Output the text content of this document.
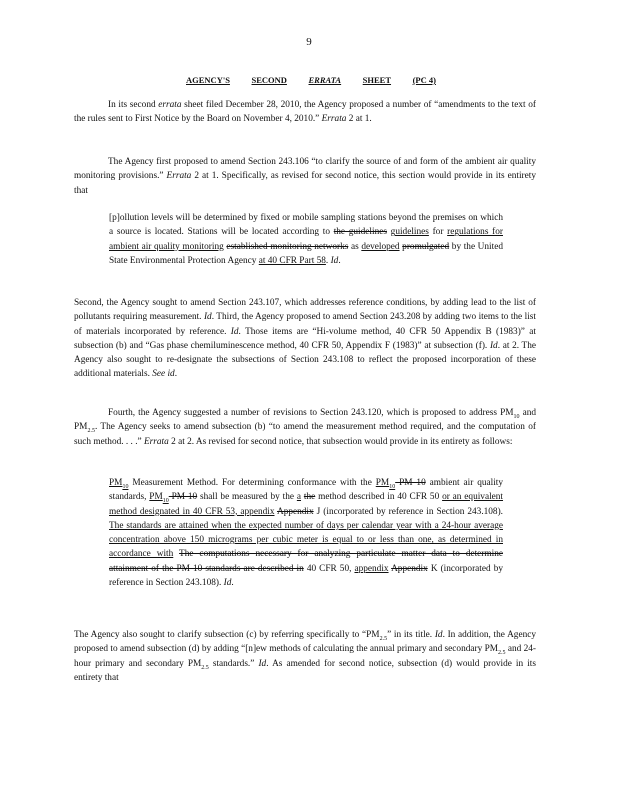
9
AGENCY'S	SECOND	ERRATA	SHEET	(PC 4)

In its second errata sheet filed December 28, 2010, the Agency proposed a number of “amendments to the text of the rules sent to First Notice by the Board on November 4, 2010.” Errata 2 at 1.

The Agency first proposed to amend Section 243.106 “to clarify the source of and form of the ambient air quality monitoring provisions.” Errata 2 at 1. Specifically, as revised for second notice, this section would provide in its entirety that

[p]ollution levels will be determined by fixed or mobile sampling stations beyond the premises on which a source is located. Stations will be located according to the guidelines guidelines for regulations for ambient air quality monitoring established monitoring networks as developed promulgated by the United State Environmental Protection Agency at 40 CFR Part 58. Id.

Second, the Agency sought to amend Section 243.107, which addresses reference conditions, by adding lead to the list of pollutants requiring measurement. Id. Third, the Agency proposed to amend Section 243.208 by adding two items to the list of materials incorporated by reference. Id. Those items are “Hi-volume method, 40 CFR 50 Appendix B (1983)” at subsection (b) and “Gas phase chemiluminescence method, 40 CFR 50, Appendix F (1983)” at subsection (f). Id. at 2. The Agency also sought to re-designate the subsections of Section 243.108 to reflect the proposed incorporation of these additional materials. See id.

Fourth, the Agency suggested a number of revisions to Section 243.120, which is proposed to address $PM_{10}$ and $PM_{2.5}$. The Agency seeks to amend subsection (b) “to amend the measurement method required, and the computation of such method. . . .” Errata 2 at 2. As revised for second notice, that subsection would provide in its entirety as follows:

$PM_{10}$ Measurement Method. For determining conformance with the $PM_{10}$ PM 10 ambient air quality standards, $PM_{10}$ PM 10 shall be measured by the a the method described in 40 CFR 50 or an equivalent method designated in 40 CFR 53, appendix Appendix J (incorporated by reference in Section 243.108). The standards are attained when the expected number of days per calendar year with a 24-hour average concentration above 150 micrograms per cubic meter is equal to or less than one, as determined in accordance with The computations necessary for analyzing particulate matter data to determine attainment of the PM 10 standards are described in 40 CFR 50, appendix Appendix K (incorporated by reference in Section 243.108). Id.

The Agency also sought to clarify subsection (c) by referring specifically to “$PM_{2.5}$” in its title. Id. In addition, the Agency proposed to amend subsection (d) by adding “[n]ew methods of calculating the annual primary and secondary $PM_{2.5}$ and 24-hour primary and secondary $PM_{2.5}$ standards.” Id. As amended for second notice, subsection (d) would provide in its entirety that
